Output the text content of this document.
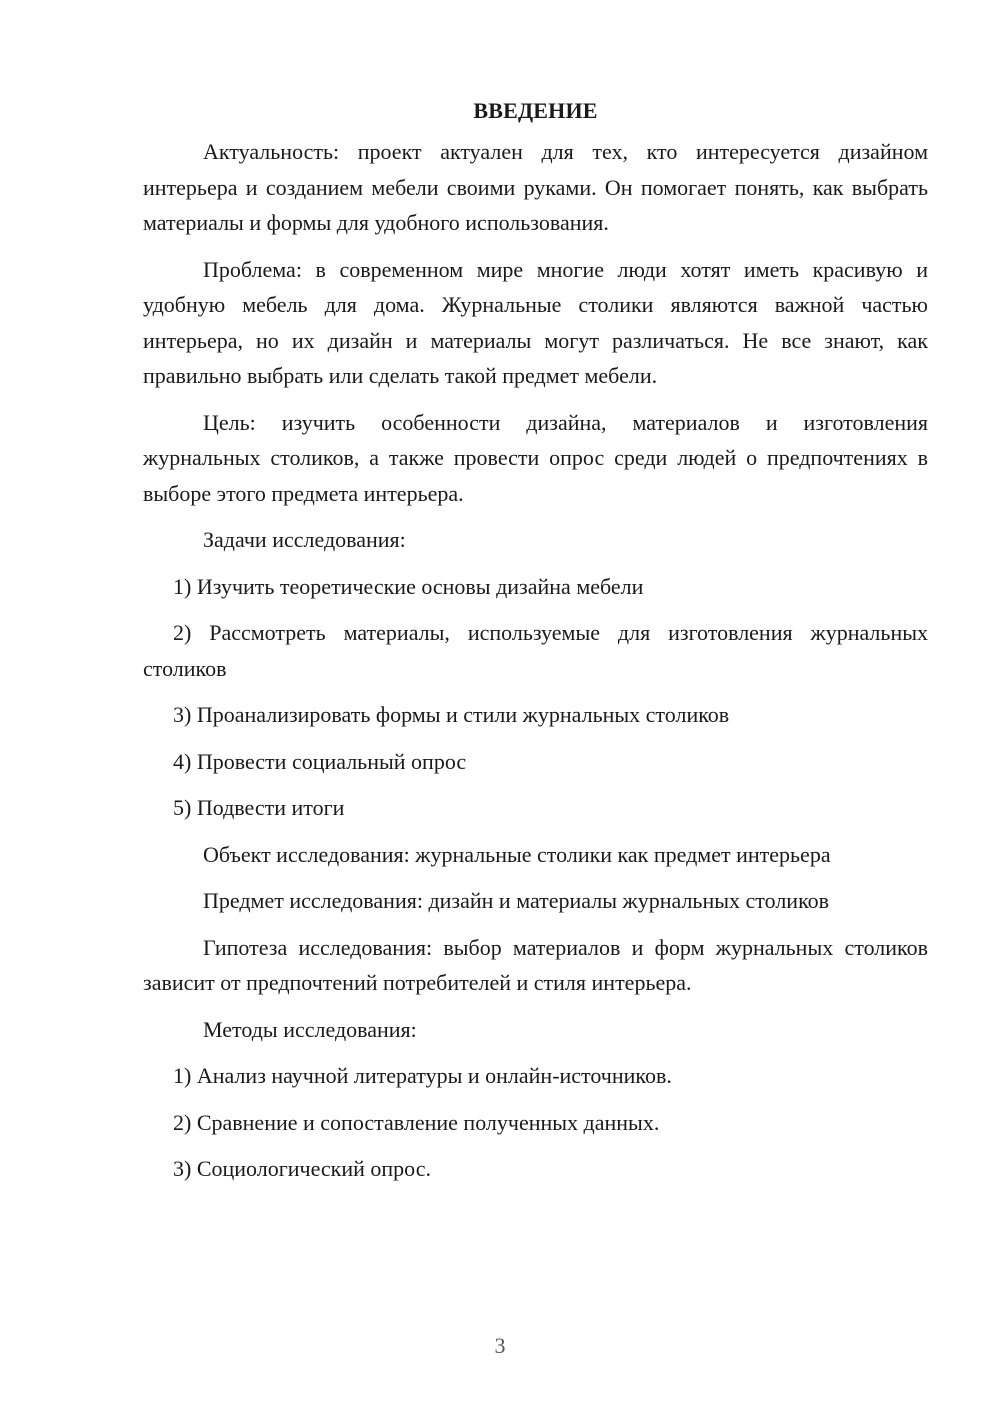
ВВЕДЕНИЕ

Актуальность: проект актуален для тех, кто интересуется дизайном интерьера и созданием мебели своими руками. Он помогает понять, как выбрать материалы и формы для удобного использования.

Проблема: в современном мире многие люди хотят иметь красивую и удобную мебель для дома. Журнальные столики являются важной частью интерьера, но их дизайн и материалы могут различаться. Не все знают, как правильно выбрать или сделать такой предмет мебели.

Цель: изучить особенности дизайна, материалов и изготовления журнальных столиков, а также провести опрос среди людей о предпочтениях в выборе этого предмета интерьера.

Задачи исследования:

1) Изучить теоретические основы дизайна мебели

2) Рассмотреть материалы, используемые для изготовления журнальных столиков

3) Проанализировать формы и стили журнальных столиков

4) Провести социальный опрос

5) Подвести итоги

Объект исследования: журнальные столики как предмет интерьера

Предмет исследования: дизайн и материалы журнальных столиков

Гипотеза исследования: выбор материалов и форм журнальных столиков зависит от предпочтений потребителей и стиля интерьера.

Методы исследования:

1) Анализ научной литературы и онлайн-источников.

2) Сравнение и сопоставление полученных данных.

3) Социологический опрос.

3
